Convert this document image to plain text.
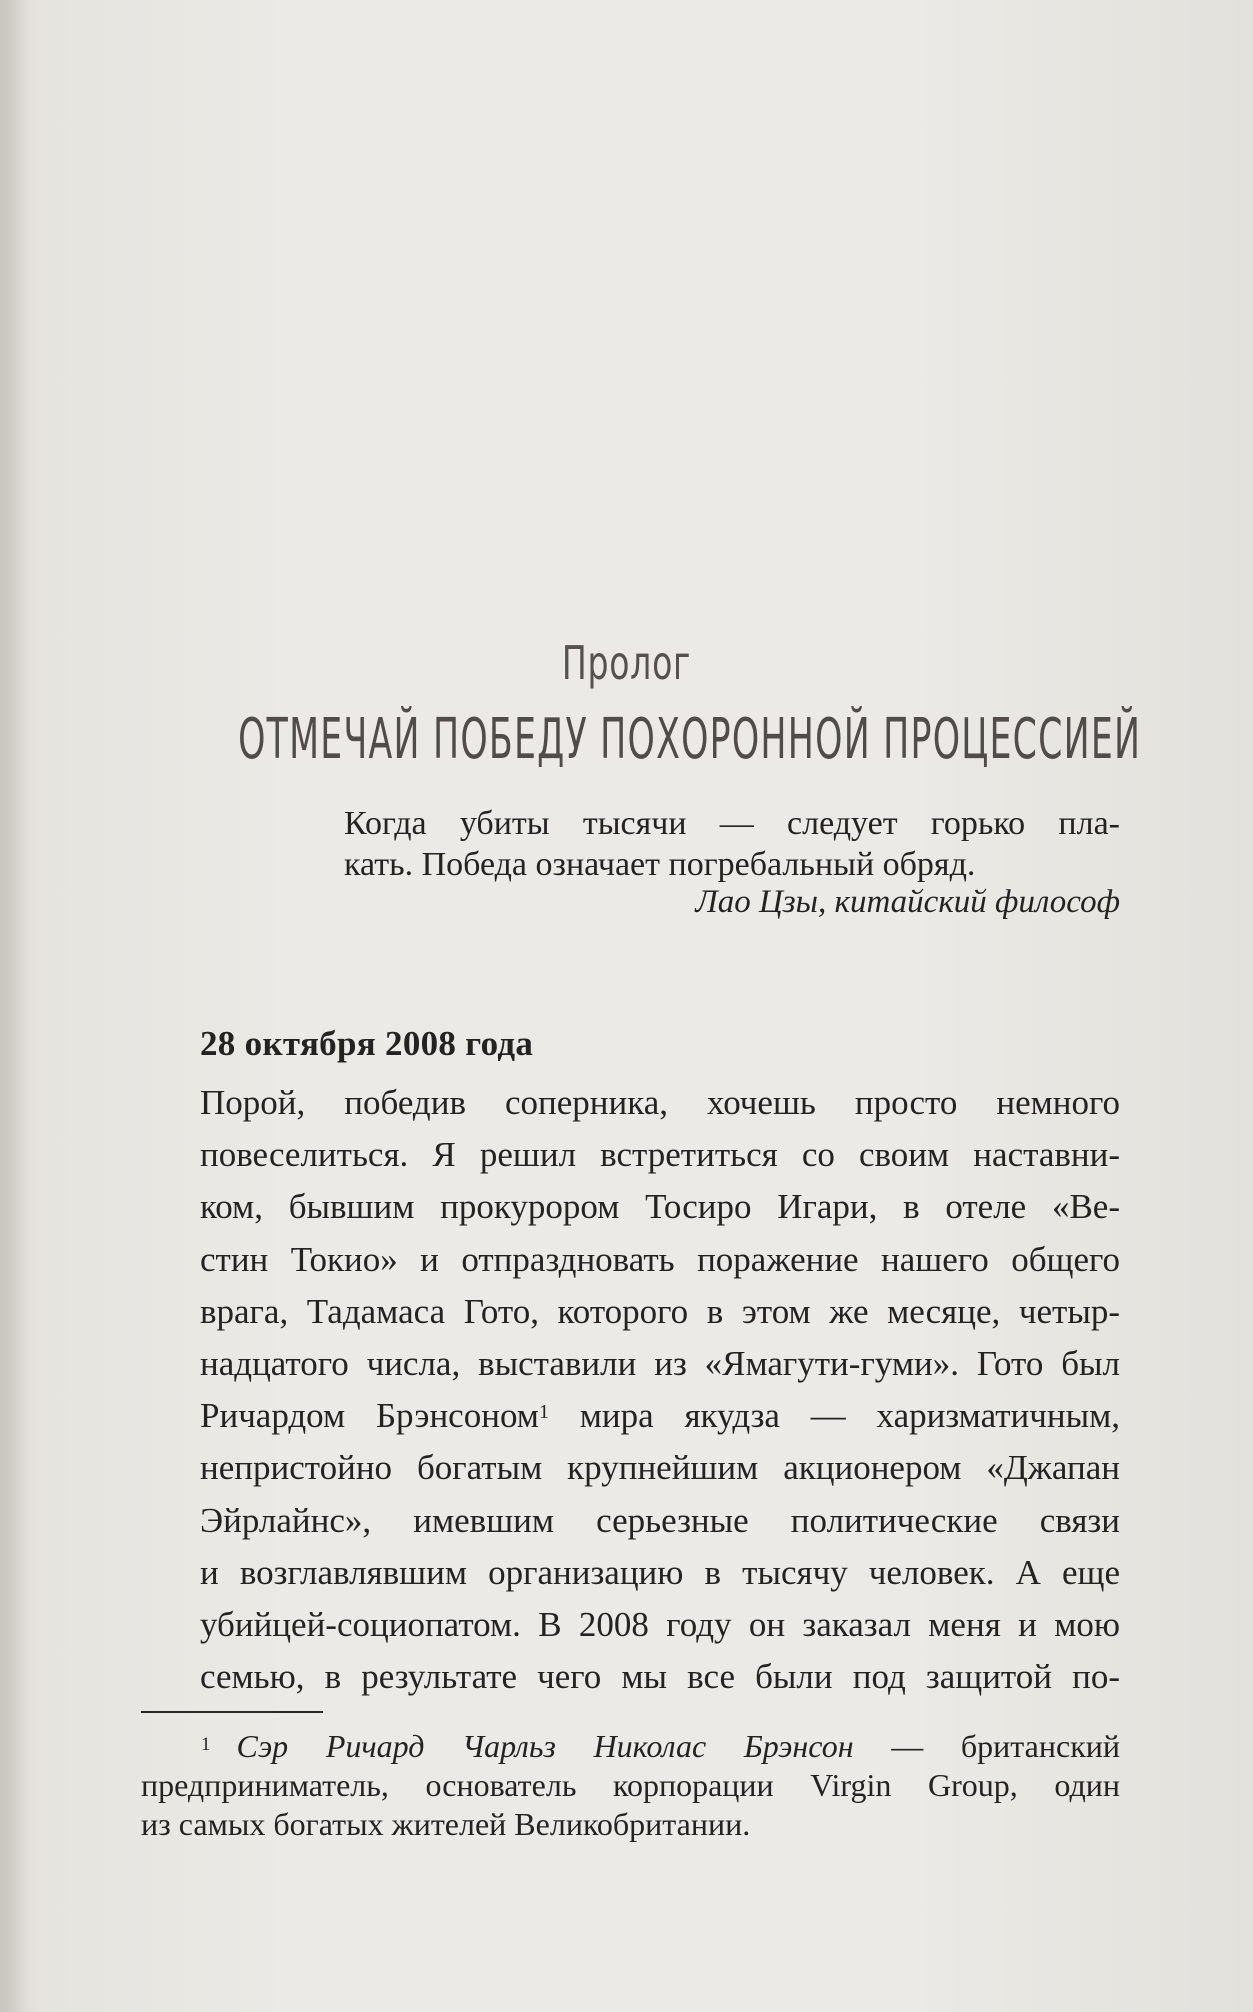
Пролог
ОТМЕЧАЙ ПОБЕДУ ПОХОРОННОЙ ПРОЦЕССИЕЙ
Когда убиты тысячи — следует горько пла-
кать. Победа означает погребальный обряд.
Лао Цзы, китайский философ
28 октября 2008 года
Порой, победив соперника, хочешь просто немного
повеселиться. Я решил встретиться со своим наставни-
ком, бывшим прокурором Тосиро Игари, в отеле «Ве-
стин Токио» и отпраздновать поражение нашего общего
врага, Тадамаса Гото, которого в этом же месяце, четыр-
надцатого числа, выставили из «Ямагути-гуми». Гото был
Ричардом Брэнсоном$^1$ мира якудза — харизматичным,
непристойно богатым крупнейшим акционером «Джапан
Эйрлайнс», имевшим серьезные политические связи
и возглавлявшим организацию в тысячу человек. А еще
убийцей-социопатом. В 2008 году он заказал меня и мою
семью, в результате чего мы все были под защитой по-
$^1$ Сэр Ричард Чарльз Николас Брэнсон — британский
предприниматель, основатель корпорации Virgin Group, один
из самых богатых жителей Великобритании.
